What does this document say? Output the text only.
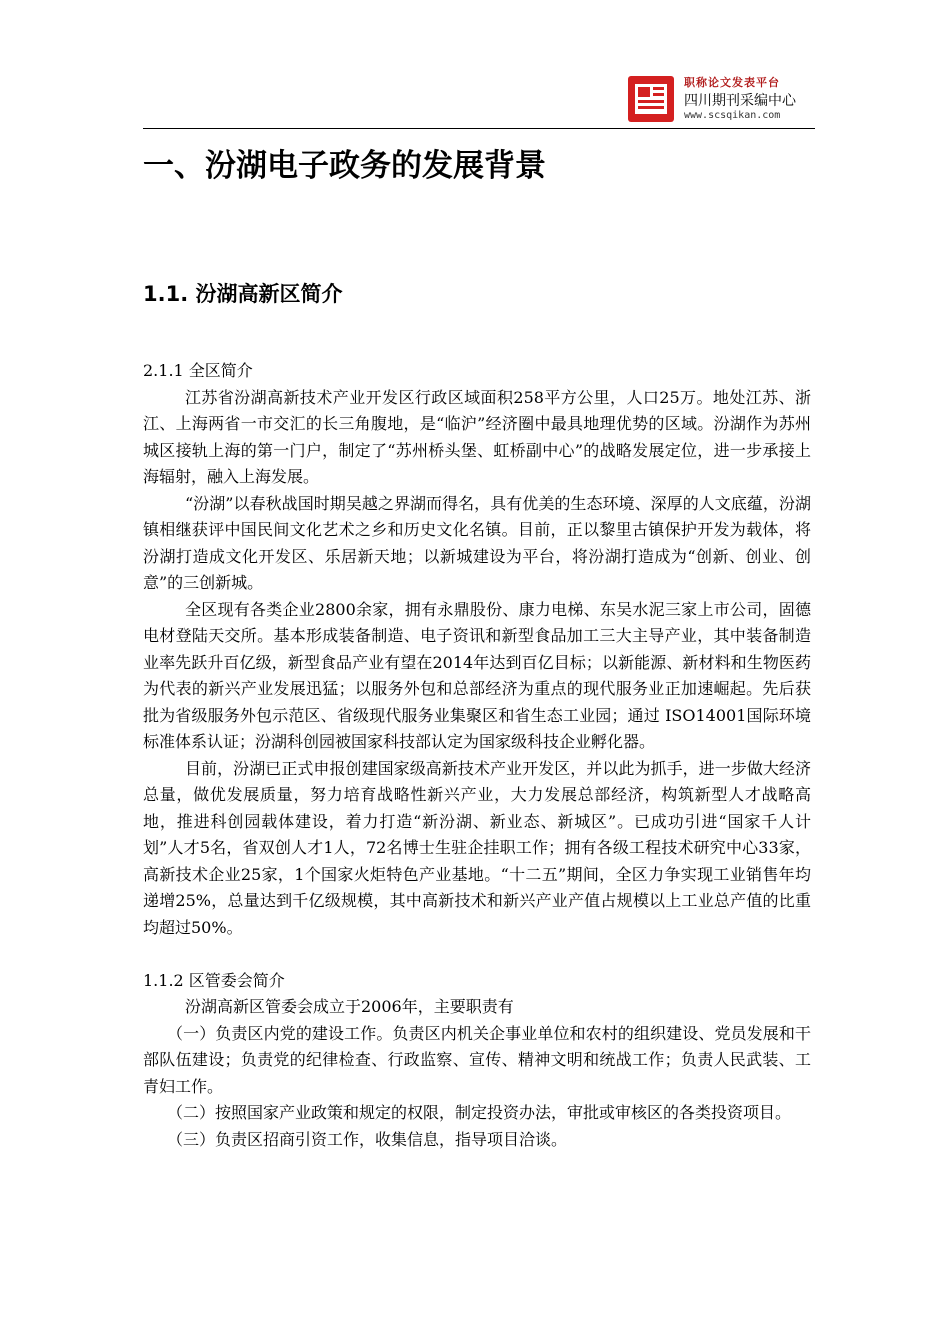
职称论文发表平台
四川期刊采编中心
www.scsqikan.com
一、汾湖电子政务的发展背景
1.1. 汾湖高新区简介

2.1.1 全区简介

江苏省汾湖高新技术产业开发区行政区域面积258平方公里，人口25万。地处江苏、浙江、上海两省一市交汇的长三角腹地，是“临沪”经济圈中最具地理优势的区域。汾湖作为苏州城区接轨上海的第一门户，制定了“苏州桥头堡、虹桥副中心”的战略发展定位，进一步承接上海辐射，融入上海发展。

“汾湖”以春秋战国时期吴越之界湖而得名，具有优美的生态环境、深厚的人文底蕴，汾湖镇相继获评中国民间文化艺术之乡和历史文化名镇。目前，正以黎里古镇保护开发为载体，将汾湖打造成文化开发区、乐居新天地；以新城建设为平台，将汾湖打造成为“创新、创业、创意”的三创新城。

全区现有各类企业2800余家，拥有永鼎股份、康力电梯、东吴水泥三家上市公司，固德电材登陆天交所。基本形成装备制造、电子资讯和新型食品加工三大主导产业，其中装备制造业率先跃升百亿级，新型食品产业有望在2014年达到百亿目标；以新能源、新材料和生物医药为代表的新兴产业发展迅猛；以服务外包和总部经济为重点的现代服务业正加速崛起。先后获批为省级服务外包示范区、省级现代服务业集聚区和省生态工业园；通过 ISO14001国际环境标准体系认证；汾湖科创园被国家科技部认定为国家级科技企业孵化器。

目前，汾湖已正式申报创建国家级高新技术产业开发区，并以此为抓手，进一步做大经济总量，做优发展质量，努力培育战略性新兴产业，大力发展总部经济，构筑新型人才战略高地，推进科创园载体建设，着力打造“新汾湖、新业态、新城区”。已成功引进“国家千人计划”人才5名，省双创人才1人，72名博士生驻企挂职工作；拥有各级工程技术研究中心33家，高新技术企业25家，1个国家火炬特色产业基地。“十二五”期间，全区力争实现工业销售年均递增25%，总量达到千亿级规模，其中高新技术和新兴产业产值占规模以上工业总产值的比重均超过50%。

1.1.2 区管委会简介

汾湖高新区管委会成立于2006年，主要职责有

（一）负责区内党的建设工作。负责区内机关企事业单位和农村的组织建设、党员发展和干部队伍建设；负责党的纪律检查、行政监察、宣传、精神文明和统战工作；负责人民武装、工青妇工作。

（二）按照国家产业政策和规定的权限，制定投资办法，审批或审核区的各类投资项目。

（三）负责区招商引资工作，收集信息，指导项目洽谈。
